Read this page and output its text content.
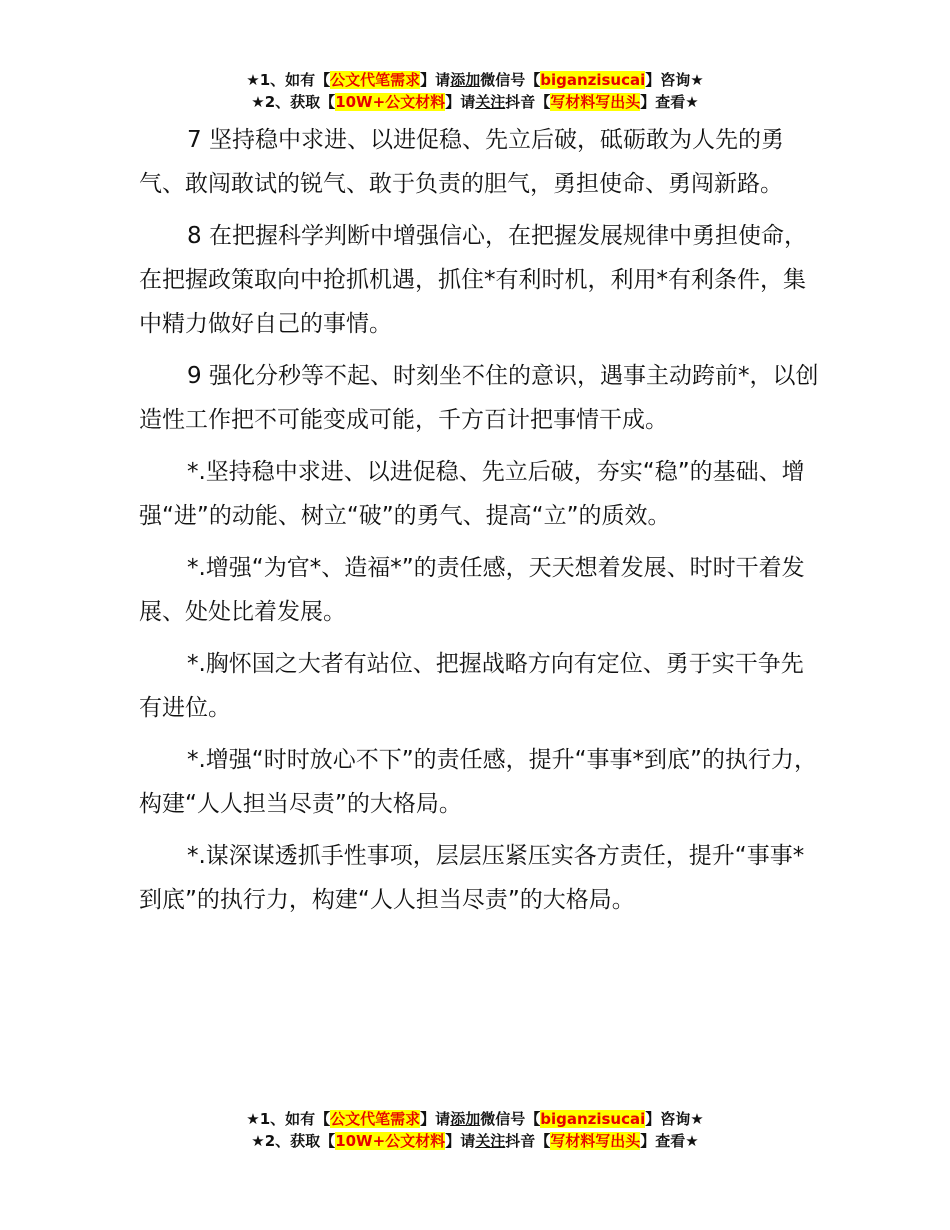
★1、如有【公文代笔需求】请添加微信号【biganzisucai】咨询★
★2、获取【10W+公文材料】请关注抖音【写材料写出头】查看★

7 坚持稳中求进、以进促稳、先立后破，砥砺敢为人先的勇气、敢闯敢试的锐气、敢于负责的胆气，勇担使命、勇闯新路。

8 在把握科学判断中增强信心，在把握发展规律中勇担使命，在把握政策取向中抢抓机遇，抓住*有利时机，利用*有利条件，集中精力做好自己的事情。

9 强化分秒等不起、时刻坐不住的意识，遇事主动跨前*，以创造性工作把不可能变成可能，千方百计把事情干成。

*.坚持稳中求进、以进促稳、先立后破，夯实“稳”的基础、增强“进”的动能、树立“破”的勇气、提高“立”的质效。

*.增强“为官*、造福*”的责任感，天天想着发展、时时干着发展、处处比着发展。

*.胸怀国之大者有站位、把握战略方向有定位、勇于实干争先有进位。

*.增强“时时放心不下”的责任感，提升“事事*到底”的执行力，构建“人人担当尽责”的大格局。

*.谋深谋透抓手性事项，层层压紧压实各方责任，提升“事事*到底”的执行力，构建“人人担当尽责”的大格局。

★1、如有【公文代笔需求】请添加微信号【biganzisucai】咨询★
★2、获取【10W+公文材料】请关注抖音【写材料写出头】查看★
